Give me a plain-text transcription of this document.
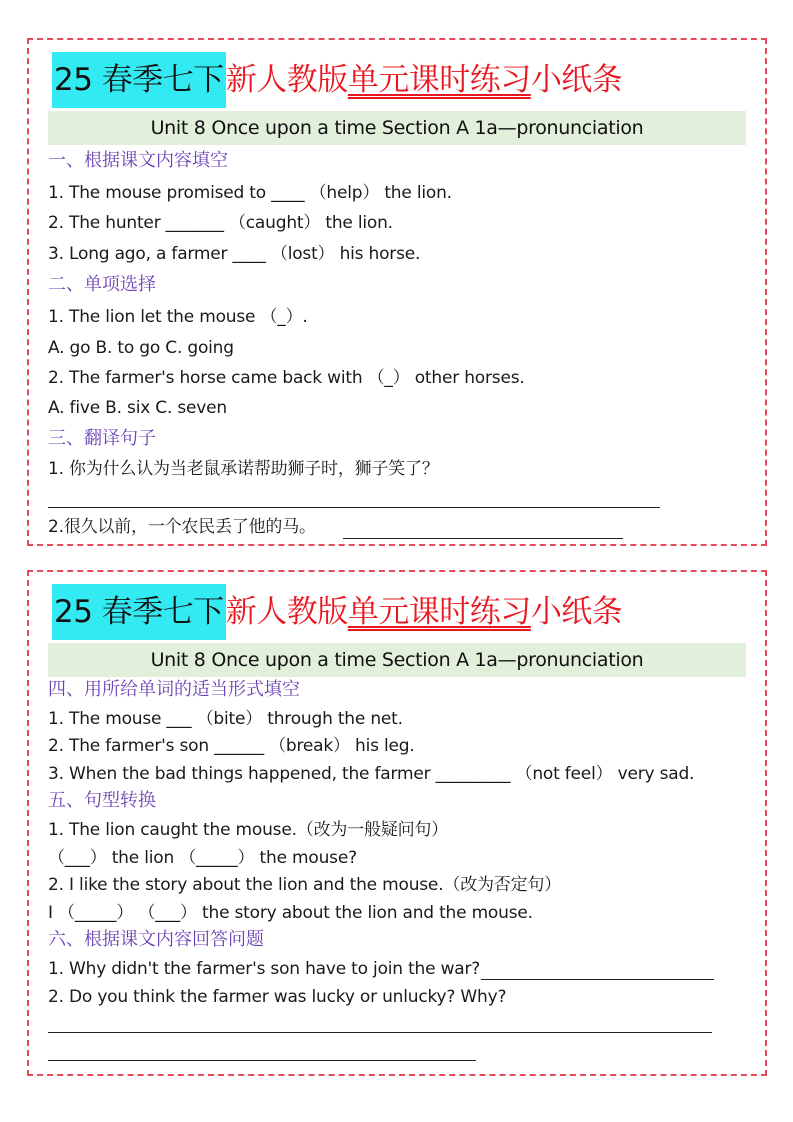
25 春季七下 新人教版 单元课时练习 小纸条
Unit 8 Once upon a time Section A 1a—pronunciation
一、根据课文内容填空
1. The mouse promised to ____ （help） the lion.
2. The hunter _______ （caught） the lion.
3. Long ago, a farmer ____ （lost） his horse.
二、单项选择
1. The lion let the mouse （_）.
A. go B. to go C. going
2. The farmer's horse came back with （_） other horses.
A. five B. six C. seven
三、翻译句子
1. 你为什么认为当老鼠承诺帮助狮子时，狮子笑了？
2.很久以前，一个农民丢了他的马。
25 春季七下 新人教版 单元课时练习 小纸条
Unit 8 Once upon a time Section A 1a—pronunciation
四、用所给单词的适当形式填空
1. The mouse ___ （bite） through the net.
2. The farmer's son ______ （break） his leg.
3. When the bad things happened, the farmer _________ （not feel） very sad.
五、句型转换
1. The lion caught the mouse.（改为一般疑问句）
（___） the lion （_____） the mouse?
2. I like the story about the lion and the mouse.（改为否定句）
I （_____） （___） the story about the lion and the mouse.
六、根据课文内容回答问题
1. Why didn't the farmer's son have to join the war?
2. Do you think the farmer was lucky or unlucky? Why?
